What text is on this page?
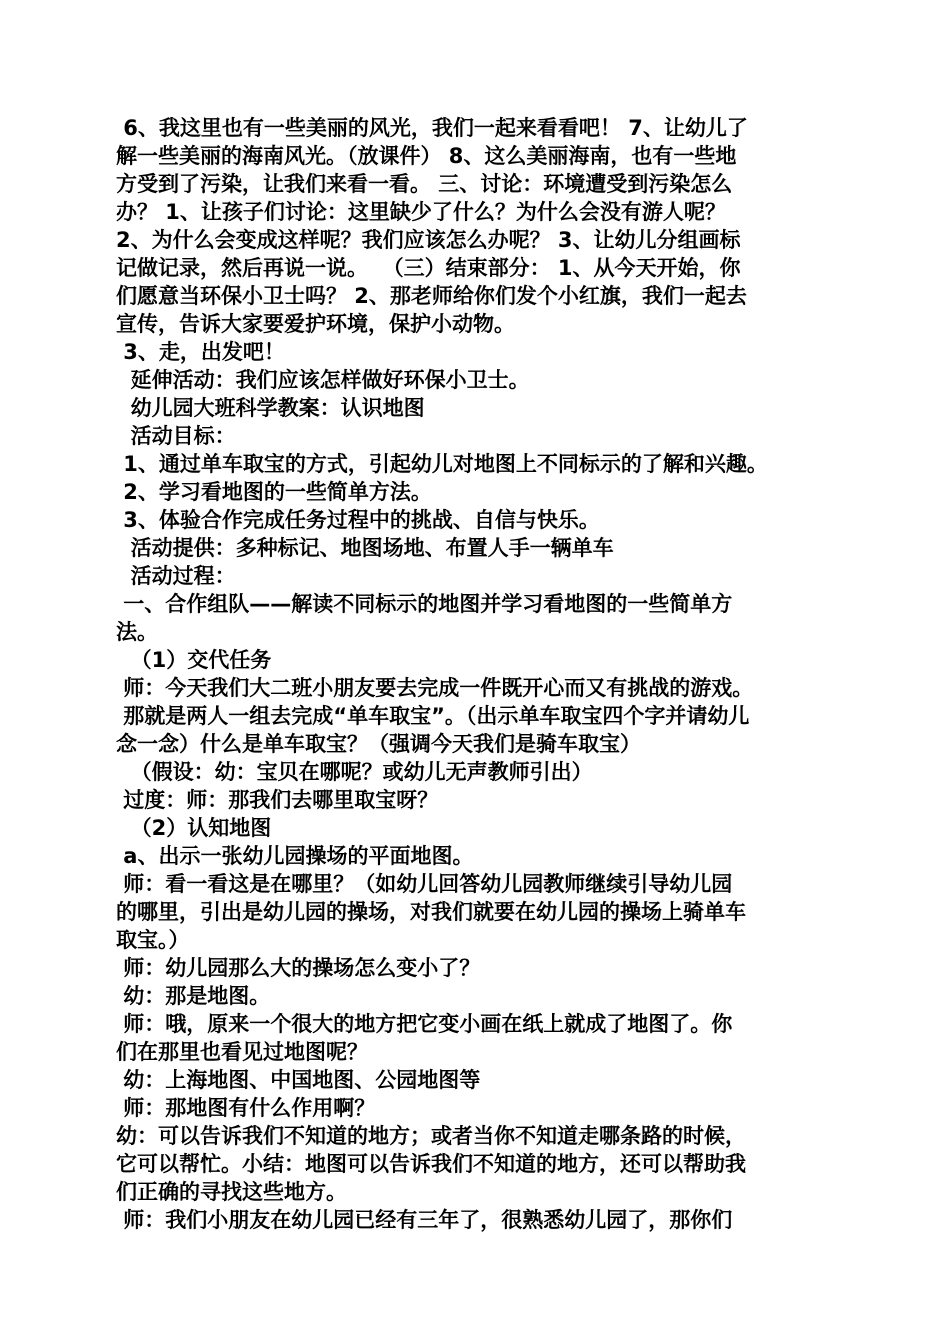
6、我这里也有一些美丽的风光，我们一起来看看吧！ 7、让幼儿了
解一些美丽的海南风光。（放课件） 8、这么美丽海南，也有一些地
方受到了污染，让我们来看一看。 三、讨论：环境遭受到污染怎么
办？ 1、让孩子们讨论：这里缺少了什么？为什么会没有游人呢？
2、为什么会变成这样呢？我们应该怎么办呢？ 3、让幼儿分组画标
记做记录，然后再说一说。  （三）结束部分： 1、从今天开始，你
们愿意当环保小卫士吗？ 2、那老师给你们发个小红旗，我们一起去
宣传，告诉大家要爱护环境，保护小动物。
3、走，出发吧！
延伸活动：我们应该怎样做好环保小卫士。
幼儿园大班科学教案：认识地图
活动目标：
1、通过单车取宝的方式，引起幼儿对地图上不同标示的了解和兴趣。
2、学习看地图的一些简单方法。
3、体验合作完成任务过程中的挑战、自信与快乐。
活动提供：多种标记、地图场地、布置人手一辆单车
活动过程：
一、合作组队——解读不同标示的地图并学习看地图的一些简单方
法。
（1）交代任务
师：今天我们大二班小朋友要去完成一件既开心而又有挑战的游戏。
那就是两人一组去完成“单车取宝”。（出示单车取宝四个字并请幼儿
念一念）什么是单车取宝？（强调今天我们是骑车取宝）
（假设：幼：宝贝在哪呢？或幼儿无声教师引出）
过度：师：那我们去哪里取宝呀？
（2）认知地图
a、出示一张幼儿园操场的平面地图。
师：看一看这是在哪里？（如幼儿回答幼儿园教师继续引导幼儿园
的哪里，引出是幼儿园的操场，对我们就要在幼儿园的操场上骑单车
取宝。）
师：幼儿园那么大的操场怎么变小了？
幼：那是地图。
师：哦，原来一个很大的地方把它变小画在纸上就成了地图了。你
们在那里也看见过地图呢？
幼：上海地图、中国地图、公园地图等
师：那地图有什么作用啊？
幼：可以告诉我们不知道的地方；或者当你不知道走哪条路的时候，
它可以帮忙。小结：地图可以告诉我们不知道的地方，还可以帮助我
们正确的寻找这些地方。
师：我们小朋友在幼儿园已经有三年了，很熟悉幼儿园了，那你们
